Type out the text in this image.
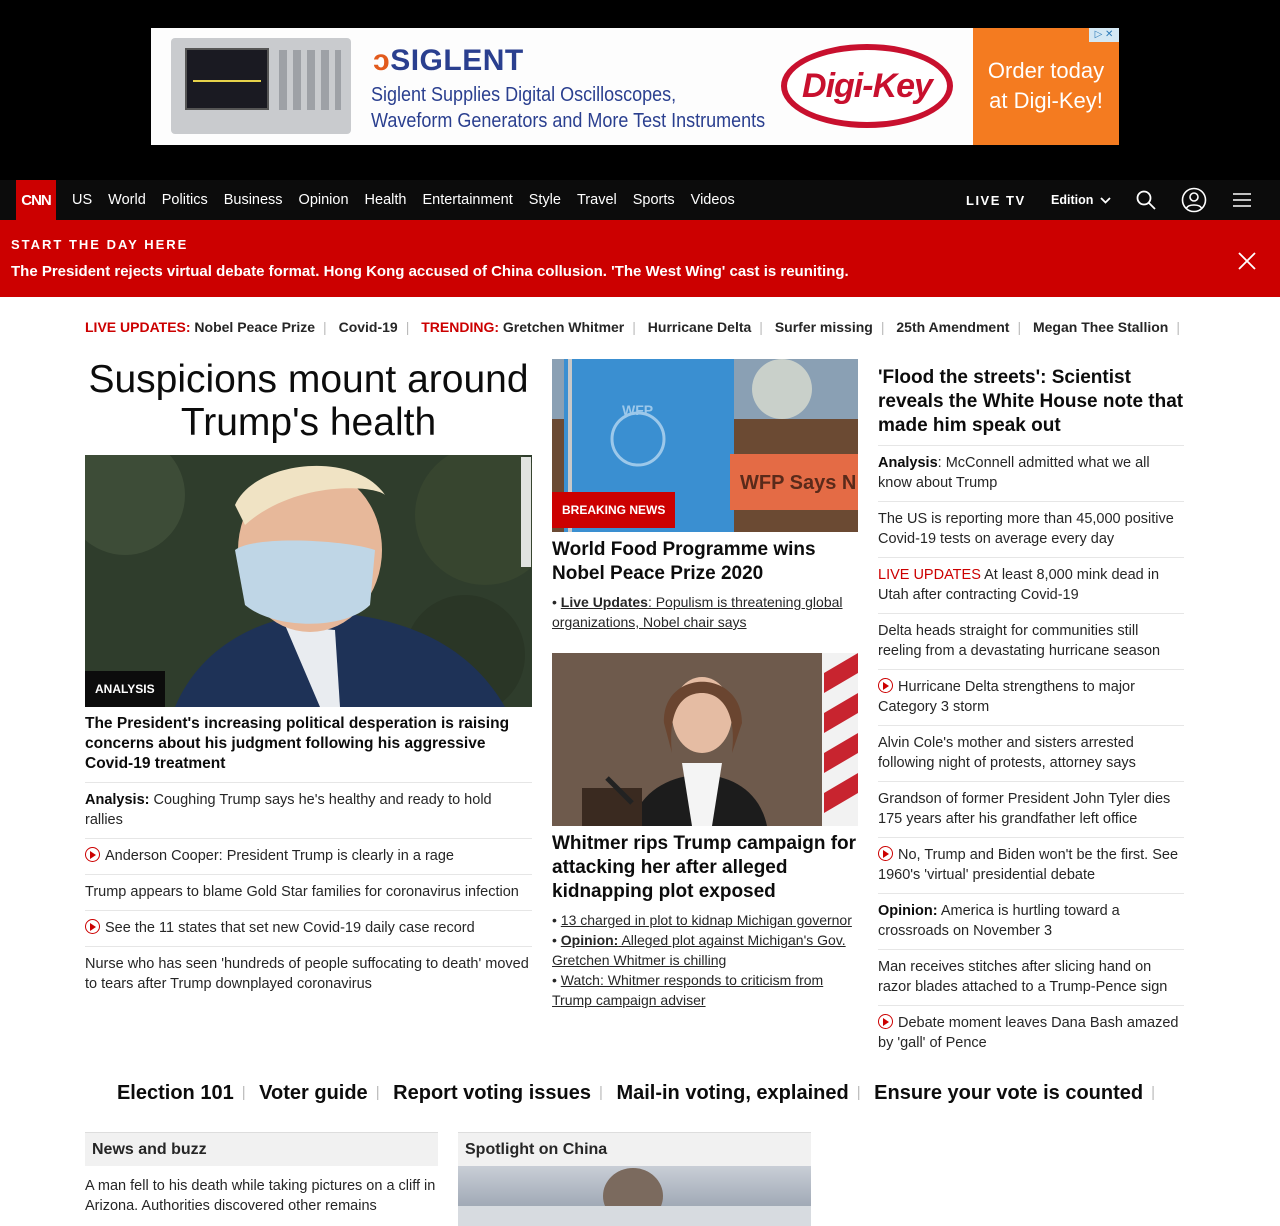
ↄSIGLENT
Siglent Supplies Digital Oscilloscopes,
Waveform Generators and More Test Instruments
Digi-Key	Order today
at Digi-Key!
▷ ✕
CNN	US	World	Politics	Business	Opinion	Health	Entertainment	Style	Travel	Sports	Videos	LIVE TV Edition
START THE DAY HERE
The President rejects virtual debate format. Hong Kong accused of China collusion. 'The West Wing' cast is reuniting.
LIVE UPDATES: Nobel Peace Prize | Covid-19 | TRENDING: Gretchen Whitmer | Hurricane Delta | Surfer missing | 25th Amendment | Megan Thee Stallion |
Suspicions mount around Trump's health
ANALYSIS
The President's increasing political desperation is raising concerns about his judgment following his aggressive Covid-19 treatment
Analysis: Coughing Trump says he's healthy and ready to hold rallies
Anderson Cooper: President Trump is clearly in a rage
Trump appears to blame Gold Star families for coronavirus infection
See the 11 states that set new Covid-19 daily case record
Nurse who has seen 'hundreds of people suffocating to death' moved to tears after Trump downplayed coronavirus
WFP
WFP Says N
BREAKING NEWS
World Food Programme wins Nobel Peace Prize 2020
• Live Updates: Populism is threatening global organizations, Nobel chair says
Whitmer rips Trump campaign for attacking her after alleged kidnapping plot exposed
• 13 charged in plot to kidnap Michigan governor
• Opinion: Alleged plot against Michigan's Gov. Gretchen Whitmer is chilling
• Watch: Whitmer responds to criticism from Trump campaign adviser
'Flood the streets': Scientist reveals the White House note that made him speak out
Analysis: McConnell admitted what we all know about Trump
The US is reporting more than 45,000 positive Covid-19 tests on average every day
LIVE UPDATES At least 8,000 mink dead in Utah after contracting Covid-19
Delta heads straight for communities still reeling from a devastating hurricane season
Hurricane Delta strengthens to major Category 3 storm
Alvin Cole's mother and sisters arrested following night of protests, attorney says
Grandson of former President John Tyler dies 175 years after his grandfather left office
No, Trump and Biden won't be the first. See 1960's 'virtual' presidential debate
Opinion: America is hurtling toward a crossroads on November 3
Man receives stitches after slicing hand on razor blades attached to a Trump-Pence sign
Debate moment leaves Dana Bash amazed by 'gall' of Pence
Election 101 | Voter guide | Report voting issues | Mail-in voting, explained | Ensure your vote is counted |
News and buzz
A man fell to his death while taking pictures on a cliff in Arizona. Authorities discovered other remains
Spotlight on China
